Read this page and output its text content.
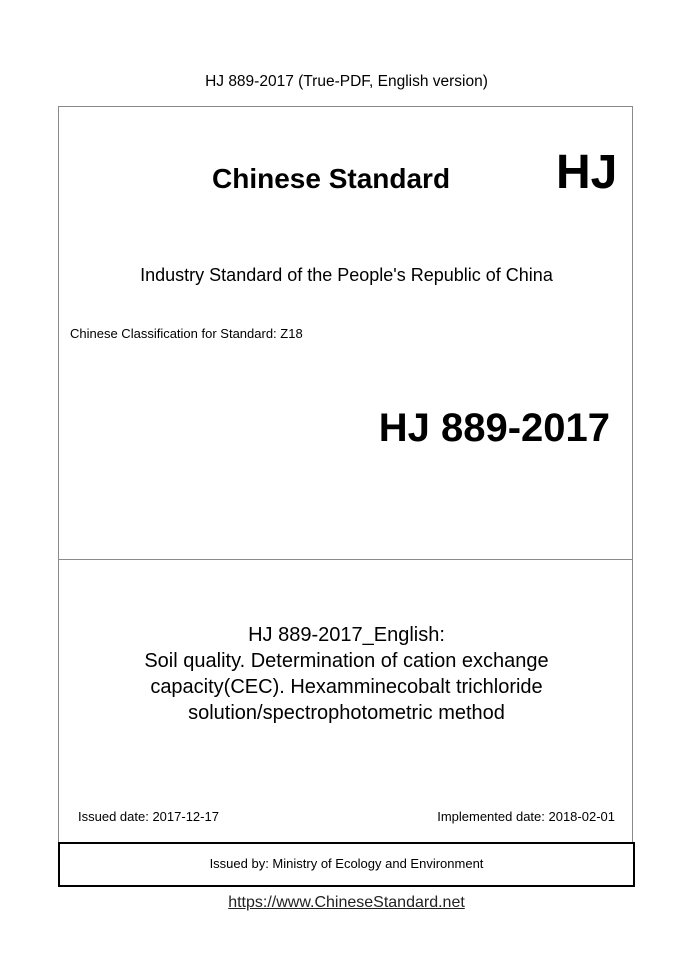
HJ 889-2017 (True-PDF, English version)
Chinese Standard HJ
Industry Standard of the People's Republic of China
Chinese Classification for Standard: Z18
HJ 889-2017
HJ 889-2017_English:
Soil quality. Determination of cation exchange
capacity(CEC). Hexamminecobalt trichloride
solution/spectrophotometric method
Issued date: 2017-12-17	Implemented date: 2018-02-01
Issued by: Ministry of Ecology and Environment
https://www.ChineseStandard.net
